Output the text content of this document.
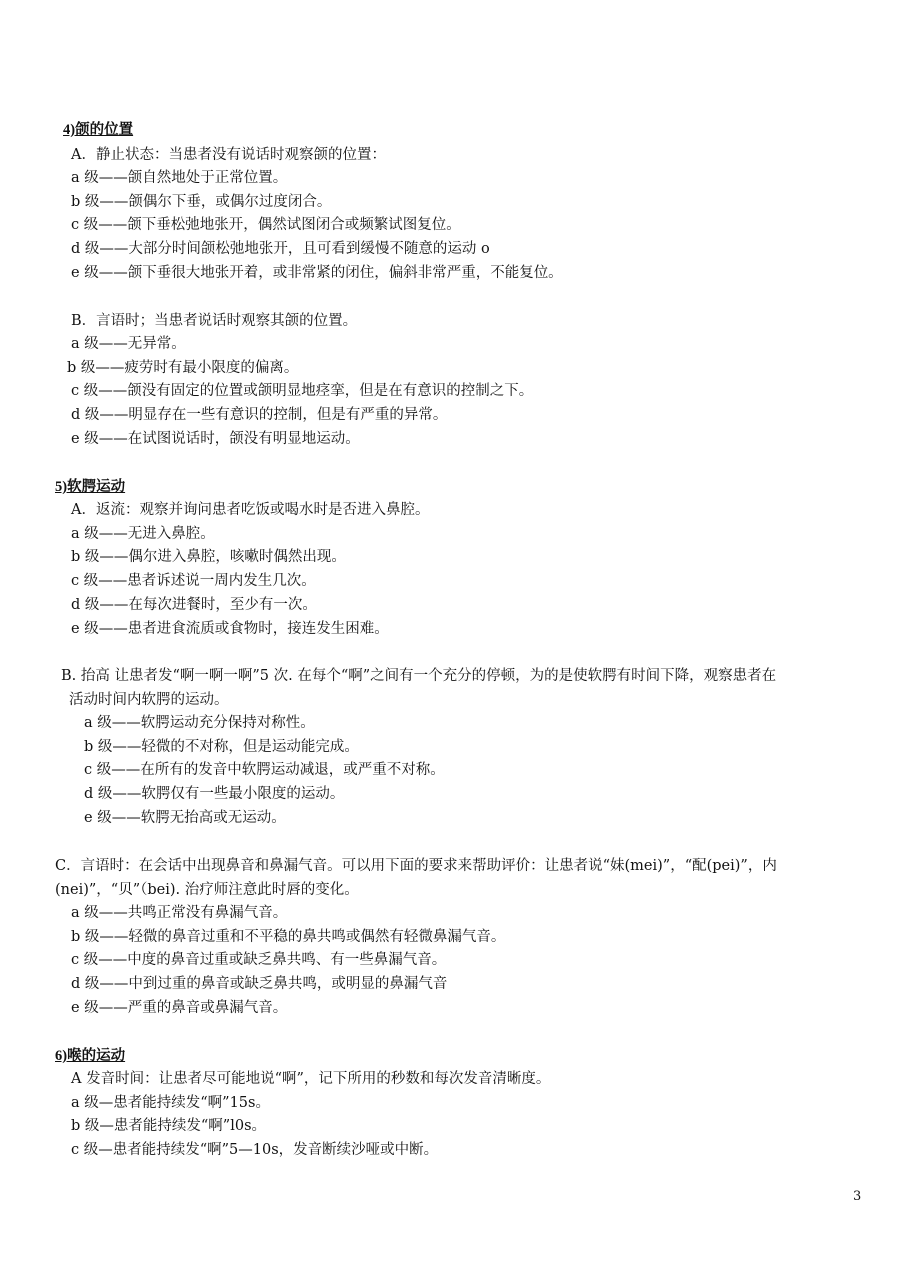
4)颌的位置
A．静止状态：当患者没有说话时观察颌的位置：
a 级——颌自然地处于正常位置。
b 级——颌偶尔下垂，或偶尔过度闭合。
c 级——颌下垂松弛地张开，偶然试图闭合或频繁试图复位。
d 级——大部分时间颌松弛地张开，且可看到缓慢不随意的运动 o
e 级——颌下垂很大地张开着，或非常紧的闭住，偏斜非常严重，不能复位。
B．言语时；当患者说话时观察其颌的位置。
a 级——无异常。
b 级——疲劳时有最小限度的偏离。
c 级——颌没有固定的位置或颌明显地痉挛，但是在有意识的控制之下。
d 级——明显存在一些有意识的控制，但是有严重的异常。
e 级——在试图说话时，颌没有明显地运动。
5)软腭运动
A．返流：观察并询问患者吃饭或喝水时是否进入鼻腔。
a 级——无进入鼻腔。
b 级——偶尔进入鼻腔，咳嗽时偶然出现。
c 级——患者诉述说一周内发生几次。
d 级——在每次进餐时，至少有一次。
e 级——患者进食流质或食物时，接连发生困难。
B. 抬高 让患者发“啊一啊一啊”5 次. 在每个“啊”之间有一个充分的停顿，为的是使软腭有时间下降，观察患者在
活动时间内软腭的运动。
a 级——软腭运动充分保持对称性。
b 级——轻微的不对称，但是运动能完成。
c 级——在所有的发音中软腭运动减退，或严重不对称。
d 级——软腭仅有一些最小限度的运动。
e 级——软腭无抬高或无运动。
C．言语时：在会话中出现鼻音和鼻漏气音。可以用下面的要求来帮助评价：让患者说“妹(mei)”，“配(pei)”，内
(nei)”，“贝”（bei). 治疗师注意此时唇的变化。
a 级——共鸣正常没有鼻漏气音。
b 级——轻微的鼻音过重和不平稳的鼻共鸣或偶然有轻微鼻漏气音。
c 级——中度的鼻音过重或缺乏鼻共鸣、有一些鼻漏气音。
d 级——中到过重的鼻音或缺乏鼻共鸣，或明显的鼻漏气音
e 级——严重的鼻音或鼻漏气音。
6)喉的运动
A 发音时间：让患者尽可能地说“啊”，记下所用的秒数和每次发音清晰度。
a 级—患者能持续发“啊”15s。
b 级—患者能持续发“啊”l0s。
c 级—患者能持续发“啊”5—10s，发音断续沙哑或中断。
3
